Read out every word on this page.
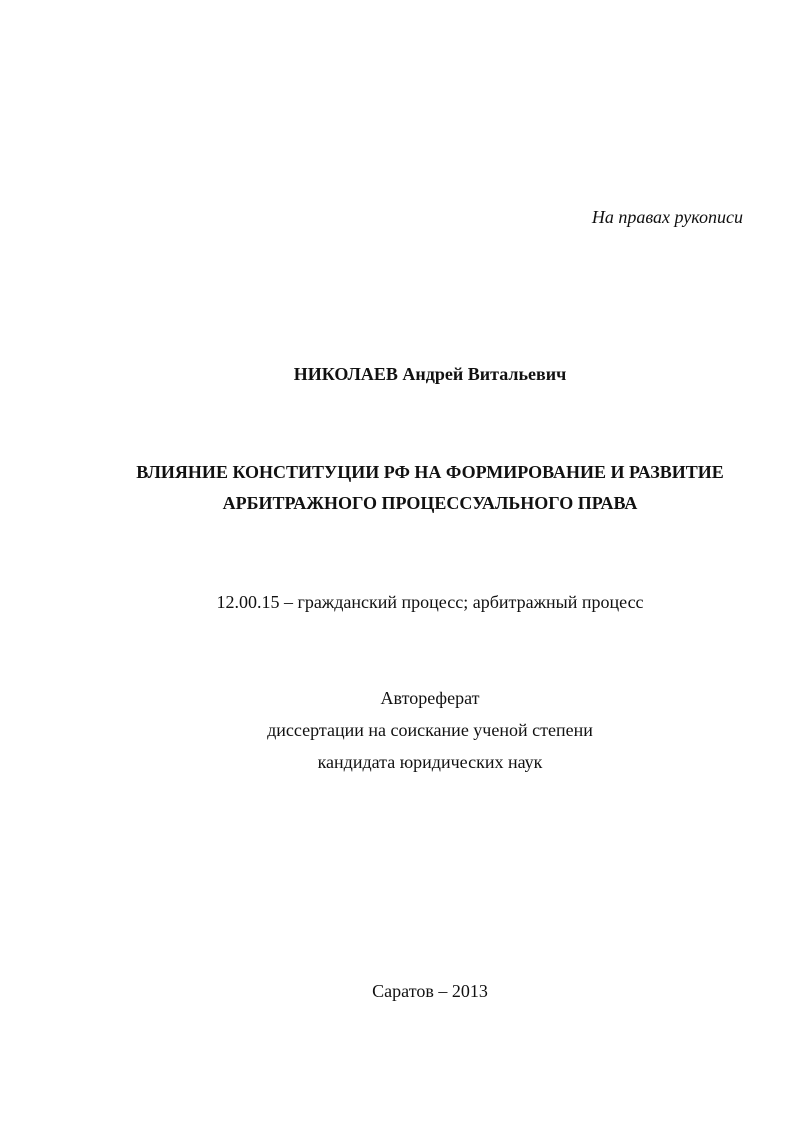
На правах рукописи
НИКОЛАЕВ Андрей Витальевич
ВЛИЯНИЕ КОНСТИТУЦИИ РФ НА ФОРМИРОВАНИЕ И РАЗВИТИЕ
АРБИТРАЖНОГО ПРОЦЕССУАЛЬНОГО ПРАВА
12.00.15 – гражданский процесс; арбитражный процесс
Автореферат
диссертации на соискание ученой степени
кандидата юридических наук
Саратов – 2013
